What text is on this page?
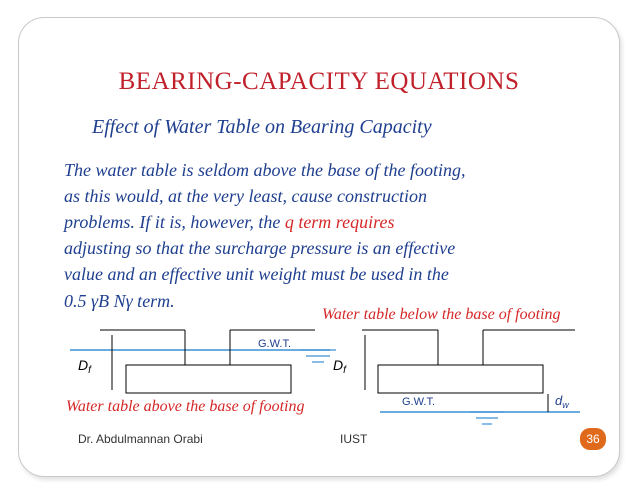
BEARING-CAPACITY EQUATIONS
Effect of Water Table on Bearing Capacity
The water table is seldom above the base of the footing,
as this would, at the very least, cause construction
problems. If it is, however, the q term requires
adjusting so that the surcharge pressure is an effective
value and an effective unit weight must be used in the
0.5 γB Nγ term.
Water table below the base of footing
Water table above the base of footing
G.W.T.
$D_f$
G.W.T.
$D_f$
$d_w$
Dr. Abdulmannan Orabi	IUST	36
